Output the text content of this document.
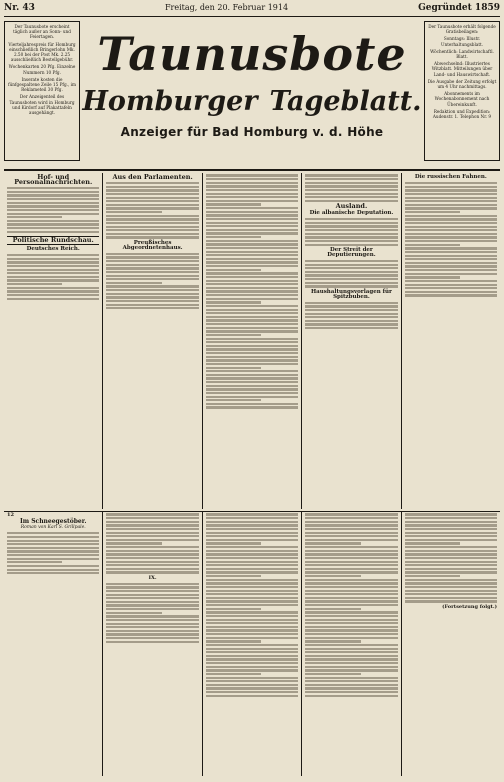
Nr. 43	Freitag, den 20. Februar 1914	Gegründet 1859

Der Taunusbote erscheint täglich außer an Sonn- und Feiertagen.

Vierteljahrespreis für Homburg einschließlich Bringerlohn Mk. 2.50 bei der Post Mk. 2.25 ausschließlich Bestellgebühr.

Wochenkarten 20 Pfg. Einzelne Nummern 10 Pfg.

Inserate kosten die fünfgespaltene Zeile 15 Pfg., im Reklameteil 30 Pfg.

Der Anzeigenteil des Taunusboten wird in Homburg und Kirdorf auf Plakattafeln ausgehängt.

Taunusbote
Homburger Tageblatt.
Anzeiger für Bad Homburg v. d. Höhe

Der Taunusbote erhält folgende Gratisbeilagen:

Sonntags: Illustr. Unterhaltungsblatt.

Wöchentlich: Landwirtschaftl. Blatt.

Abwechselnd: Illustriertes Witzblatt. Mitteilungen über Land- und Hauswirtschaft.

Die Ausgabe der Zeitung erfolgt um 4 Uhr nachmittags.

Abonnements im Wochenabonnement nach Übereinkunft.

Redaktion und Expedition: Audenstr. 1. Telephon Nr. 9

Hof- und Personalnachrichten.
Politische Rundschau.
Deutsches Reich.
Aus den Parlamenten.
Preußisches Abgeordnetenhaus.
Ausland.
Die albanische Deputation.
Der Streit der Deputierungen.
Haushaltungsvorlagen für Spitzbuben.
Die russischen Fahnen.
12
Im Schneegestöber.
Roman von Karl S. Grillpale.
IX.
(Fortsetzung folgt.)
